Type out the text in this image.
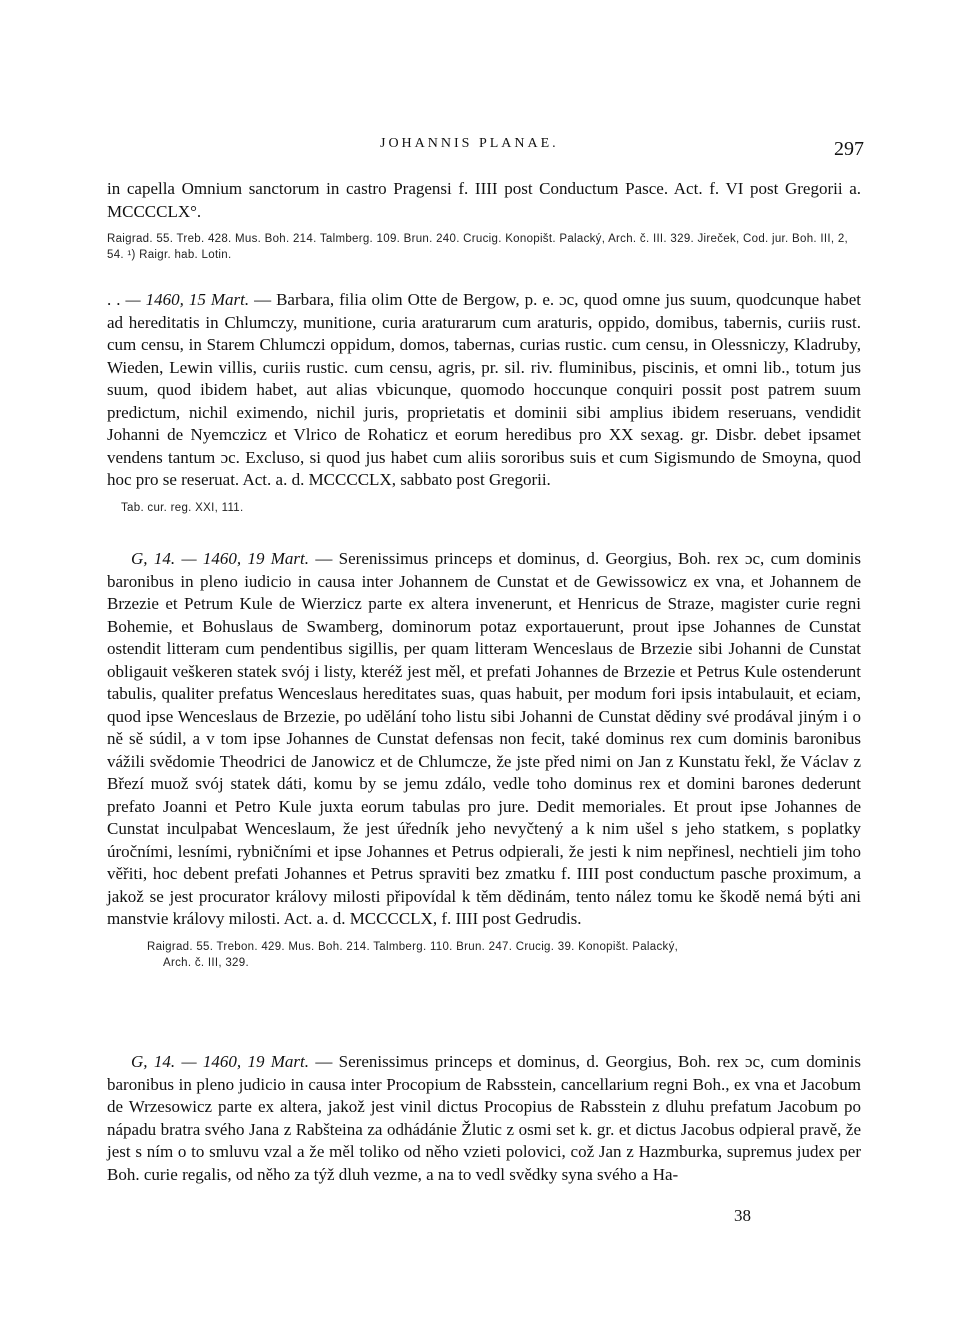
JOHANNIS PLANAE.	297

in capella Omnium sanctorum in castro Pragensi f. IIII post Conductum Pasce. Act. f. VI post Gregorii a. MCCCCLX°.

Raigrad. 55. Treb. 428. Mus. Boh. 214. Talmberg. 109. Brun. 240. Crucig. Konopišt. Palacký, Arch. č. III. 329. Jireček, Cod. jur. Boh. III, 2, 54. ¹) Raigr. hab. Lotin.

. . — 1460, 15 Mart. — Barbara, filia olim Otte de Bergow, p. e. ɔc, quod omne jus suum, quodcunque habet ad hereditatis in Chlumczy, munitione, curia araturarum cum araturis, oppido, domibus, tabernis, curiis rust. cum censu, in Starem Chlumczi oppidum, domos, tabernas, curias rustic. cum censu, in Olessniczy, Kladruby, Wieden, Lewin villis, curiis rustic. cum censu, agris, pr. sil. riv. fluminibus, piscinis, et omni lib., totum jus suum, quod ibidem habet, aut alias vbicunque, quomodo hoccunque conquiri possit post patrem suum predictum, nichil eximendo, nichil juris, proprietatis et dominii sibi amplius ibidem reseruans, vendidit Johanni de Nyemczicz et Vlrico de Rohaticz et eorum heredibus pro XX sexag. gr. Disbr. debet ipsamet vendens tantum ɔc. Excluso, si quod jus habet cum aliis sororibus suis et cum Sigismundo de Smoyna, quod hoc pro se reseruat. Act. a. d. MCCCCLX, sabbato post Gregorii.

Tab. cur. reg. XXI, 111.

G, 14. — 1460, 19 Mart. — Serenissimus princeps et dominus, d. Georgius, Boh. rex ɔc, cum dominis baronibus in pleno iudicio in causa inter Johannem de Cunstat et de Gewissowicz ex vna, et Johannem de Brzezie et Petrum Kule de Wierzicz parte ex altera invenerunt, et Henricus de Straze, magister curie regni Bohemie, et Bohuslaus de Swamberg, dominorum potaz exportauerunt, prout ipse Johannes de Cunstat ostendit litteram cum pendentibus sigillis, per quam litteram Wenceslaus de Brzezie sibi Johanni de Cunstat obligauit veškeren statek svój i listy, kteréž jest měl, et prefati Johannes de Brzezie et Petrus Kule ostenderunt tabulis, qualiter prefatus Wenceslaus hereditates suas, quas habuit, per modum fori ipsis intabulauit, et eciam, quod ipse Wenceslaus de Brzezie, po udělání toho listu sibi Johanni de Cunstat dědiny své prodával jiným i o ně sě súdil, a v tom ipse Johannes de Cunstat defensas non fecit, také dominus rex cum dominis baronibus vážili svědomie Theodrici de Janowicz et de Chlumcze, že jste před nimi on Jan z Kunstatu řekl, že Václav z Březí muož svój statek dáti, komu by se jemu zdálo, vedle toho dominus rex et domini barones dederunt prefato Joanni et Petro Kule juxta eorum tabulas pro jure. Dedit memoriales. Et prout ipse Johannes de Cunstat inculpabat Wenceslaum, že jest úředník jeho nevyčtený a k nim ušel s jeho statkem, s poplatky úročními, lesními, rybničními et ipse Johannes et Petrus odpierali, že jesti k nim nepřinesl, nechtieli jim toho věřiti, hoc debent prefati Johannes et Petrus spraviti bez zmatku f. IIII post conductum pasche proximum, a jakož se jest procurator královy milosti připovídal k těm dědinám, tento nález tomu ke škodě nemá býti ani manstvie královy milosti. Act. a. d. MCCCCLX, f. IIII post Gedrudis.

Raigrad. 55. Trebon. 429. Mus. Boh. 214. Talmberg. 110. Brun. 247. Crucig. 39. Konopišt. Palacký,
Arch. č. III, 329.

G, 14. — 1460, 19 Mart. — Serenissimus princeps et dominus, d. Georgius, Boh. rex ɔc, cum dominis baronibus in pleno judicio in causa inter Procopium de Rabsstein, cancellarium regni Boh., ex vna et Jacobum de Wrzesowicz parte ex altera, jakož jest vinil dictus Procopius de Rabsstein z dluhu prefatum Jacobum po nápadu bratra svého Jana z Rabšteina za odhádánie Žlutic z osmi set k. gr. et dictus Jacobus odpieral pravě, že jest s ním o to smluvu vzal a že měl toliko od něho vzieti polovici, což Jan z Hazmburka, supremus judex per Boh. curie regalis, od něho za týž dluh vezme, a na to vedl svědky syna svého a Ha-

38
